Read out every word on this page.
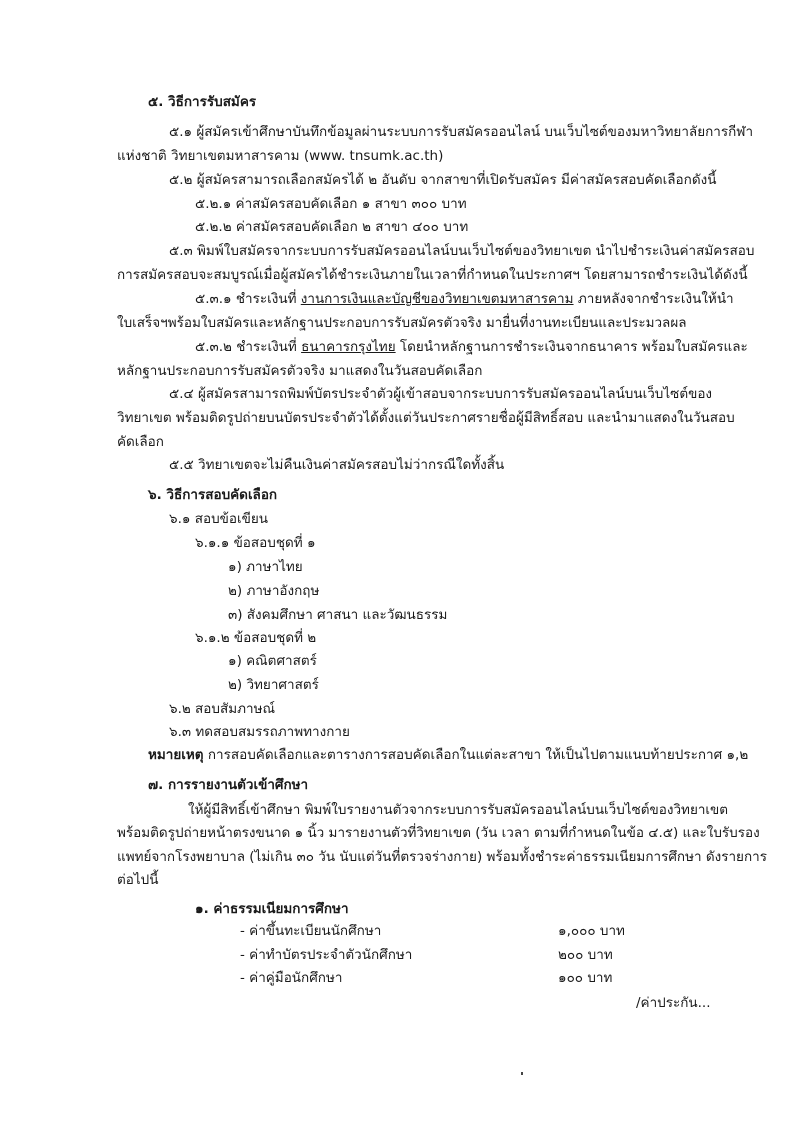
๕. วิธีการรับสมัคร
๕.๑ ผู้สมัครเข้าศึกษาบันทึกข้อมูลผ่านระบบการรับสมัครออนไลน์ บนเว็บไซต์ของมหาวิทยาลัยการกีฬา
แห่งชาติ วิทยาเขตมหาสารคาม (www. tnsumk.ac.th)
๕.๒ ผู้สมัครสามารถเลือกสมัครได้ ๒ อันดับ จากสาขาที่เปิดรับสมัคร มีค่าสมัครสอบคัดเลือกดังนี้
๕.๒.๑ ค่าสมัครสอบคัดเลือก ๑ สาขา ๓๐๐ บาท
๕.๒.๒ ค่าสมัครสอบคัดเลือก ๒ สาขา ๔๐๐ บาท
๕.๓ พิมพ์ใบสมัครจากระบบการรับสมัครออนไลน์บนเว็บไซต์ของวิทยาเขต นำไปชำระเงินค่าสมัครสอบ
การสมัครสอบจะสมบูรณ์เมื่อผู้สมัครได้ชำระเงินภายในเวลาที่กำหนดในประกาศฯ โดยสามารถชำระเงินได้ดังนี้
๕.๓.๑ ชำระเงินที่ งานการเงินและบัญชีของวิทยาเขตมหาสารคาม ภายหลังจากชำระเงินให้นำ
ใบเสร็จฯพร้อมใบสมัครและหลักฐานประกอบการรับสมัครตัวจริง มายื่นที่งานทะเบียนและประมวลผล
๕.๓.๒ ชำระเงินที่ ธนาคารกรุงไทย โดยนำหลักฐานการชำระเงินจากธนาคาร พร้อมใบสมัครและ
หลักฐานประกอบการรับสมัครตัวจริง มาแสดงในวันสอบคัดเลือก
๕.๔ ผู้สมัครสามารถพิมพ์บัตรประจำตัวผู้เข้าสอบจากระบบการรับสมัครออนไลน์บนเว็บไซต์ของ
วิทยาเขต พร้อมติดรูปถ่ายบนบัตรประจำตัวได้ตั้งแต่วันประกาศรายชื่อผู้มีสิทธิ์สอบ และนำมาแสดงในวันสอบ
คัดเลือก
๕.๕ วิทยาเขตจะไม่คืนเงินค่าสมัครสอบไม่ว่ากรณีใดทั้งสิ้น
๖. วิธีการสอบคัดเลือก
๖.๑ สอบข้อเขียน
๖.๑.๑ ข้อสอบชุดที่ ๑
๑) ภาษาไทย
๒) ภาษาอังกฤษ
๓) สังคมศึกษา ศาสนา และวัฒนธรรม
๖.๑.๒ ข้อสอบชุดที่ ๒
๑) คณิตศาสตร์
๒) วิทยาศาสตร์
๖.๒ สอบสัมภาษณ์
๖.๓ ทดสอบสมรรถภาพทางกาย
หมายเหตุ การสอบคัดเลือกและตารางการสอบคัดเลือกในแต่ละสาขา ให้เป็นไปตามแนบท้ายประกาศ ๑,๒
๗. การรายงานตัวเข้าศึกษา
ให้ผู้มีสิทธิ์เข้าศึกษา พิมพ์ใบรายงานตัวจากระบบการรับสมัครออนไลน์บนเว็บไซต์ของวิทยาเขต
พร้อมติดรูปถ่ายหน้าตรงขนาด ๑ นิ้ว มารายงานตัวที่วิทยาเขต (วัน เวลา ตามที่กำหนดในข้อ ๔.๕) และใบรับรอง
แพทย์จากโรงพยาบาล (ไม่เกิน ๓๐ วัน นับแต่วันที่ตรวจร่างกาย) พร้อมทั้งชำระค่าธรรมเนียมการศึกษา ดังรายการ
ต่อไปนี้
๑. ค่าธรรมเนียมการศึกษา
- ค่าขึ้นทะเบียนนักศึกษา	๑,๐๐๐ บาท
- ค่าทำบัตรประจำตัวนักศึกษา	๒๐๐ บาท
- ค่าคู่มือนักศึกษา	๑๐๐ บาท
/ค่าประกัน...
